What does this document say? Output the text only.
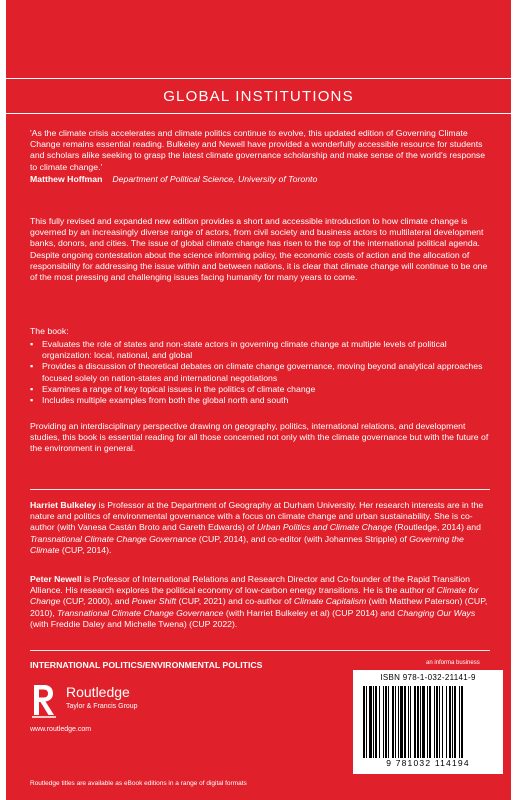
GLOBAL INSTITUTIONS
'As the climate crisis accelerates and climate politics continue to evolve, this updated edition of Governing Climate Change remains essential reading. Bulkeley and Newell have provided a wonderfully accessible resource for students and scholars alike seeking to grasp the latest climate governance scholarship and make sense of the world's response to climate change.'
Matthew Hoffman Department of Political Science, University of Toronto
This fully revised and expanded new edition provides a short and accessible introduction to how climate change is governed by an increasingly diverse range of actors, from civil society and business actors to multilateral development banks, donors, and cities. The issue of global climate change has risen to the top of the international political agenda. Despite ongoing contestation about the science informing policy, the economic costs of action and the allocation of responsibility for addressing the issue within and between nations, it is clear that climate change will continue to be one of the most pressing and challenging issues facing humanity for many years to come.
The book:
▪ Evaluates the role of states and non-state actors in governing climate change at multiple levels of political organization: local, national, and global
▪ Provides a discussion of theoretical debates on climate change governance, moving beyond analytical approaches focused solely on nation-states and international negotiations
▪ Examines a range of key topical issues in the politics of climate change
▪ Includes multiple examples from both the global north and south
Providing an interdisciplinary perspective drawing on geography, politics, international relations, and development studies, this book is essential reading for all those concerned not only with the climate governance but with the future of the environment in general.
Harriet Bulkeley is Professor at the Department of Geography at Durham University. Her research interests are in the nature and politics of environmental governance with a focus on climate change and urban sustainability. She is co-author (with Vanesa Castán Broto and Gareth Edwards) of Urban Politics and Climate Change (Routledge, 2014) and Transnational Climate Change Governance (CUP, 2014), and co-editor (with Johannes Stripple) of Governing the Climate (CUP, 2014).
Peter Newell is Professor of International Relations and Research Director and Co-founder of the Rapid Transition Alliance. His research explores the political economy of low-carbon energy transitions. He is the author of Climate for Change (CUP, 2000), and Power Shift (CUP, 2021) and co-author of Climate Capitalism (with Matthew Paterson) (CUP, 2010), Transnational Climate Change Governance (with Harriet Bulkeley et al) (CUP 2014) and Changing Our Ways (with Freddie Daley and Michelle Twena) (CUP 2022).
INTERNATIONAL POLITICS/ENVIRONMENTAL POLITICS	an informa business
Routledge
Taylor & Francis Group
www.routledge.com
ISBN 978-1-032-21141-9
9 781032 114194
Routledge titles are available as eBook editions in a range of digital formats
